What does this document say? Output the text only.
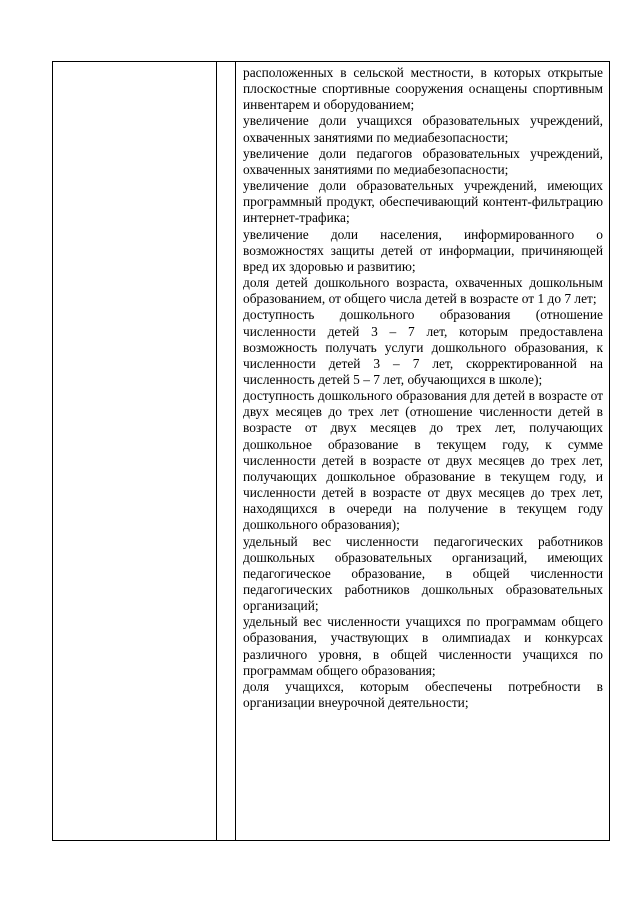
расположенных в сельской местности, в которых открытые плоскостные спортивные сооружения оснащены спортивным инвентарем и оборудованием;

увеличение доли учащихся образовательных учреждений, охваченных занятиями по медиабезопасности;

увеличение доли педагогов образовательных учреждений, охваченных занятиями по медиабезопасности;

увеличение доли образовательных учреждений, имеющих программный продукт, обеспечивающий контент-фильтрацию интернет-трафика;

увеличение доли населения, информированного о возможностях защиты детей от информации, причиняющей вред их здоровью и развитию;

доля детей дошкольного возраста, охваченных дошкольным образованием, от общего числа детей в возрасте от 1 до 7 лет;

доступность дошкольного образования (отношение численности детей 3 – 7 лет, которым предоставлена возможность получать услуги дошкольного образования, к численности детей 3 – 7 лет, скорректированной на численность детей 5 – 7 лет, обучающихся в школе);

доступность дошкольного образования для детей в возрасте от двух месяцев до трех лет (отношение численности детей в возрасте от двух месяцев до трех лет, получающих дошкольное образование в текущем году, к сумме численности детей в возрасте от двух месяцев до трех лет, получающих дошкольное образование в текущем году, и численности детей в возрасте от двух месяцев до трех лет, находящихся в очереди на получение в текущем году дошкольного образования);

удельный вес численности педагогических работников дошкольных образовательных организаций, имеющих педагогическое образование, в общей численности педагогических работников дошкольных образовательных организаций;

удельный вес численности учащихся по программам общего образования, участвующих в олимпиадах и конкурсах различного уровня, в общей численности учащихся по программам общего образования;

доля учащихся, которым обеспечены потребности в организации внеурочной деятельности;
